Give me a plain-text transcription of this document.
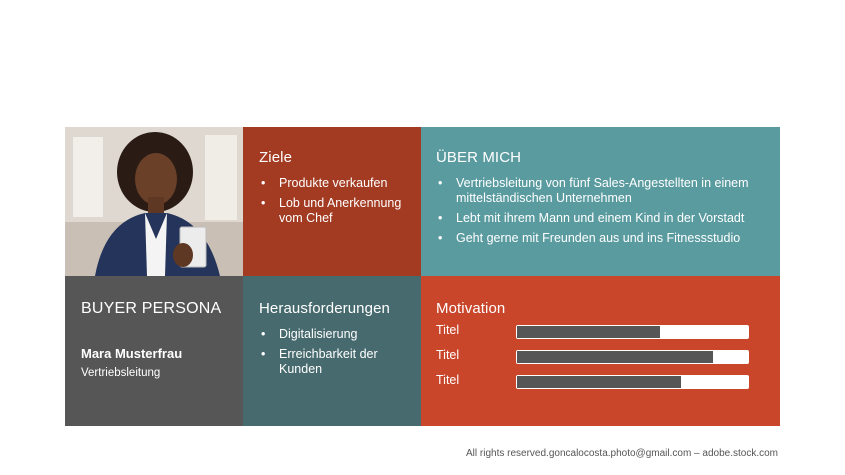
Ziele
• Produkte verkaufen
• Lob und Anerkennung vom Chef
ÜBER MICH
• Vertriebsleitung von fünf Sales-Angestellten in einem mittelständischen Unternehmen
• Lebt mit ihrem Mann und einem Kind in der Vorstadt
• Geht gerne mit Freunden aus und ins Fitnessstudio
BUYER PERSONA
Mara Musterfrau
Vertriebsleitung
Herausforderungen
• Digitalisierung
• Erreichbarkeit der Kunden
Motivation
Titel
Titel
Titel
All rights reserved.goncalocosta.photo@gmail.com – adobe.stock.com
